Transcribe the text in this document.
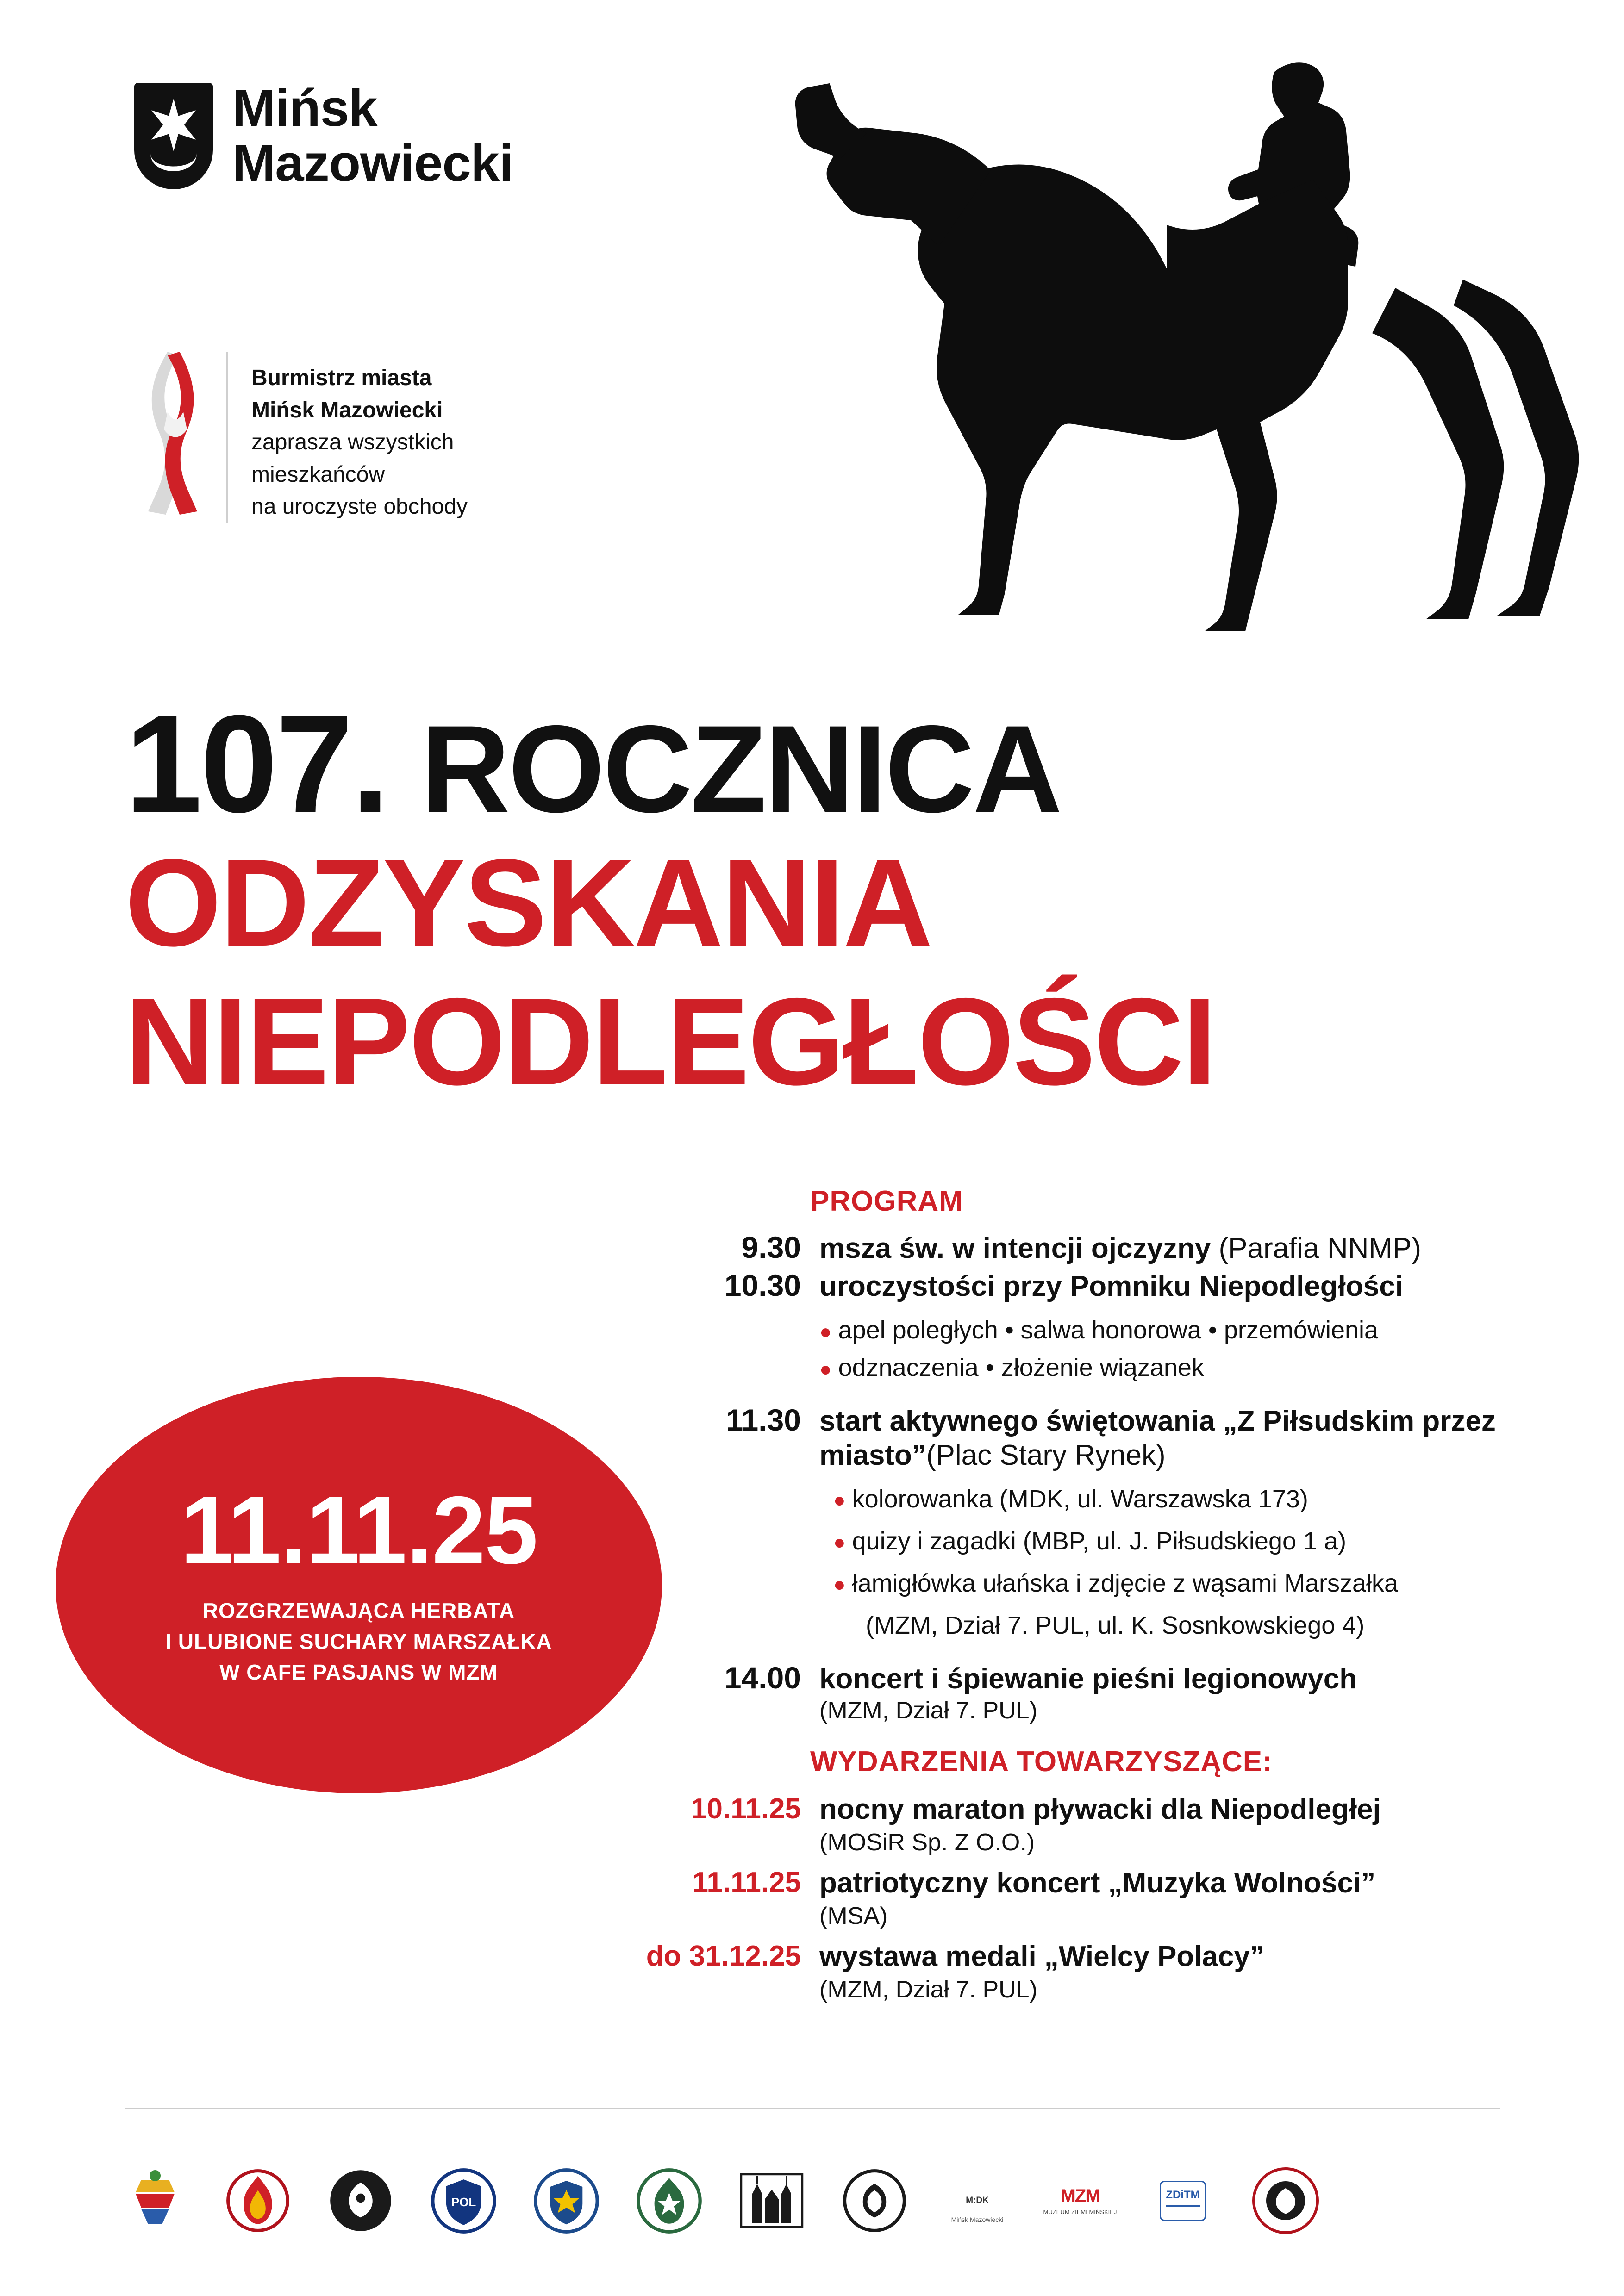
Mińsk
Mazowiecki
Burmistrz miasta
Mińsk Mazowiecki
zaprasza wszystkich
mieszkańców
na uroczyste obchody
107. ROCZNICA
ODZYSKANIA
NIEPODLEGŁOŚCI
11.11.25
ROZGRZEWAJĄCA HERBATA
I ULUBIONE SUCHARY MARSZAŁKA
W CAFE PASJANS W MZM
PROGRAM
9.30 msza św. w intencji ojczyzny (Parafia NNMP)
10.30 uroczystości przy Pomniku Niepodległości
● apel poległych • salwa honorowa • przemówienia
● odznaczenia • złożenie wiązanek
11.30 start aktywnego świętowania „Z Piłsudskim przez miasto”(Plac Stary Rynek)
● kolorowanka (MDK, ul. Warszawska 173)
● quizy i zagadki (MBP, ul. J. Piłsudskiego 1 a)
● łamigłówka ułańska i zdjęcie z wąsami Marszałka
(MZM, Dział 7. PUL, ul. K. Sosnkowskiego 4)
14.00 koncert i śpiewanie pieśni legionowych
(MZM, Dział 7. PUL)
WYDARZENIA TOWARZYSZĄCE:
10.11.25 nocny maraton pływacki dla Niepodległej
(MOSiR Sp. Z O.O.)
11.11.25 patriotyczny koncert „Muzyka Wolności”
(MSA)
do 31.12.25 wystawa medali „Wielcy Polacy”
(MZM, Dział 7. PUL)
POL	M:DK
Mińsk Mazowiecki
MZM
MUZEUM ZIEMI MIŃSKIEJ
ZDiTM
